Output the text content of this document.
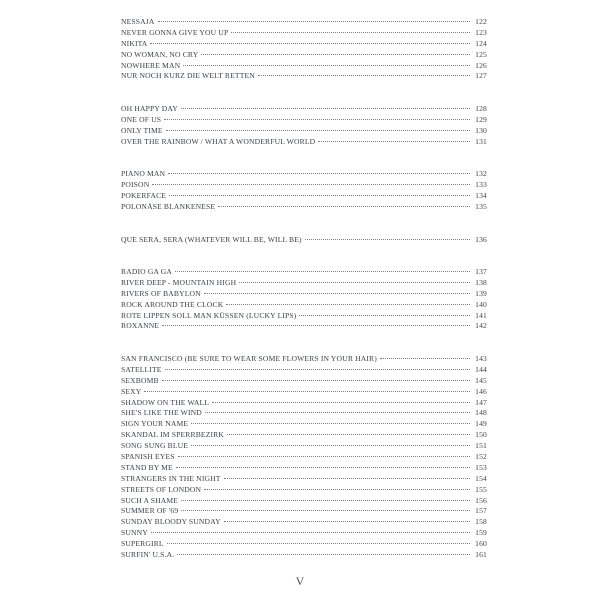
NESSAJA	122
NEVER GONNA GIVE YOU UP	123
NIKITA	124
NO WOMAN, NO CRY	125
NOWHERE MAN	126
NUR NOCH KURZ DIE WELT RETTEN	127
OH HAPPY DAY	128
ONE OF US	129
ONLY TIME	130
OVER THE RAINBOW / WHAT A WONDERFUL WORLD	131
PIANO MAN	132
POISON	133
POKERFACE	134
POLONÄSE BLANKENESE	135
QUE SERA, SERA (WHATEVER WILL BE, WILL BE)	136
RADIO GA GA	137
RIVER DEEP - MOUNTAIN HIGH	138
RIVERS OF BABYLON	139
ROCK AROUND THE CLOCK	140
ROTE LIPPEN SOLL MAN KÜSSEN (LUCKY LIPS)	141
ROXANNE	142
SAN FRANCISCO (BE SURE TO WEAR SOME FLOWERS IN YOUR HAIR)	143
SATELLITE	144
SEXBOMB	145
SEXY	146
SHADOW ON THE WALL	147
SHE'S LIKE THE WIND	148
SIGN YOUR NAME	149
SKANDAL IM SPERRBEZIRK	150
SONG SUNG BLUE	151
SPANISH EYES	152
STAND BY ME	153
STRANGERS IN THE NIGHT	154
STREETS OF LONDON	155
SUCH A SHAME	156
SUMMER OF '69	157
SUNDAY BLOODY SUNDAY	158
SUNNY	159
SUPERGIRL	160
SURFIN' U.S.A.	161
V
